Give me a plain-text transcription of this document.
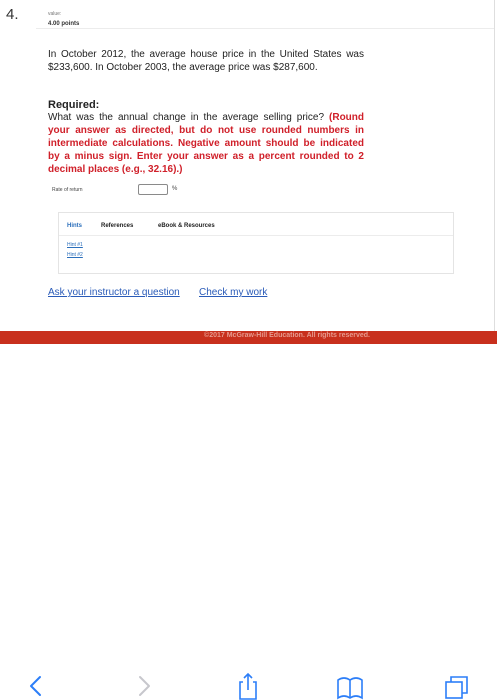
4.	value:
4.00 points
In October 2012, the average house price in the United States was $233,600. In October 2003, the average price was $287,600.
Required:
What was the annual change in the average selling price? (Round your answer as directed, but do not use rounded numbers in intermediate calculations. Negative amount should be indicated by a minus sign. Enter your answer as a percent rounded to 2 decimal places (e.g., 32.16).)
Rate of return	%
Hints	References	eBook & Resources
Hint #1
Hint #2
Ask your instructor a question Check my work
©2017 McGraw-Hill Education. All rights reserved.
